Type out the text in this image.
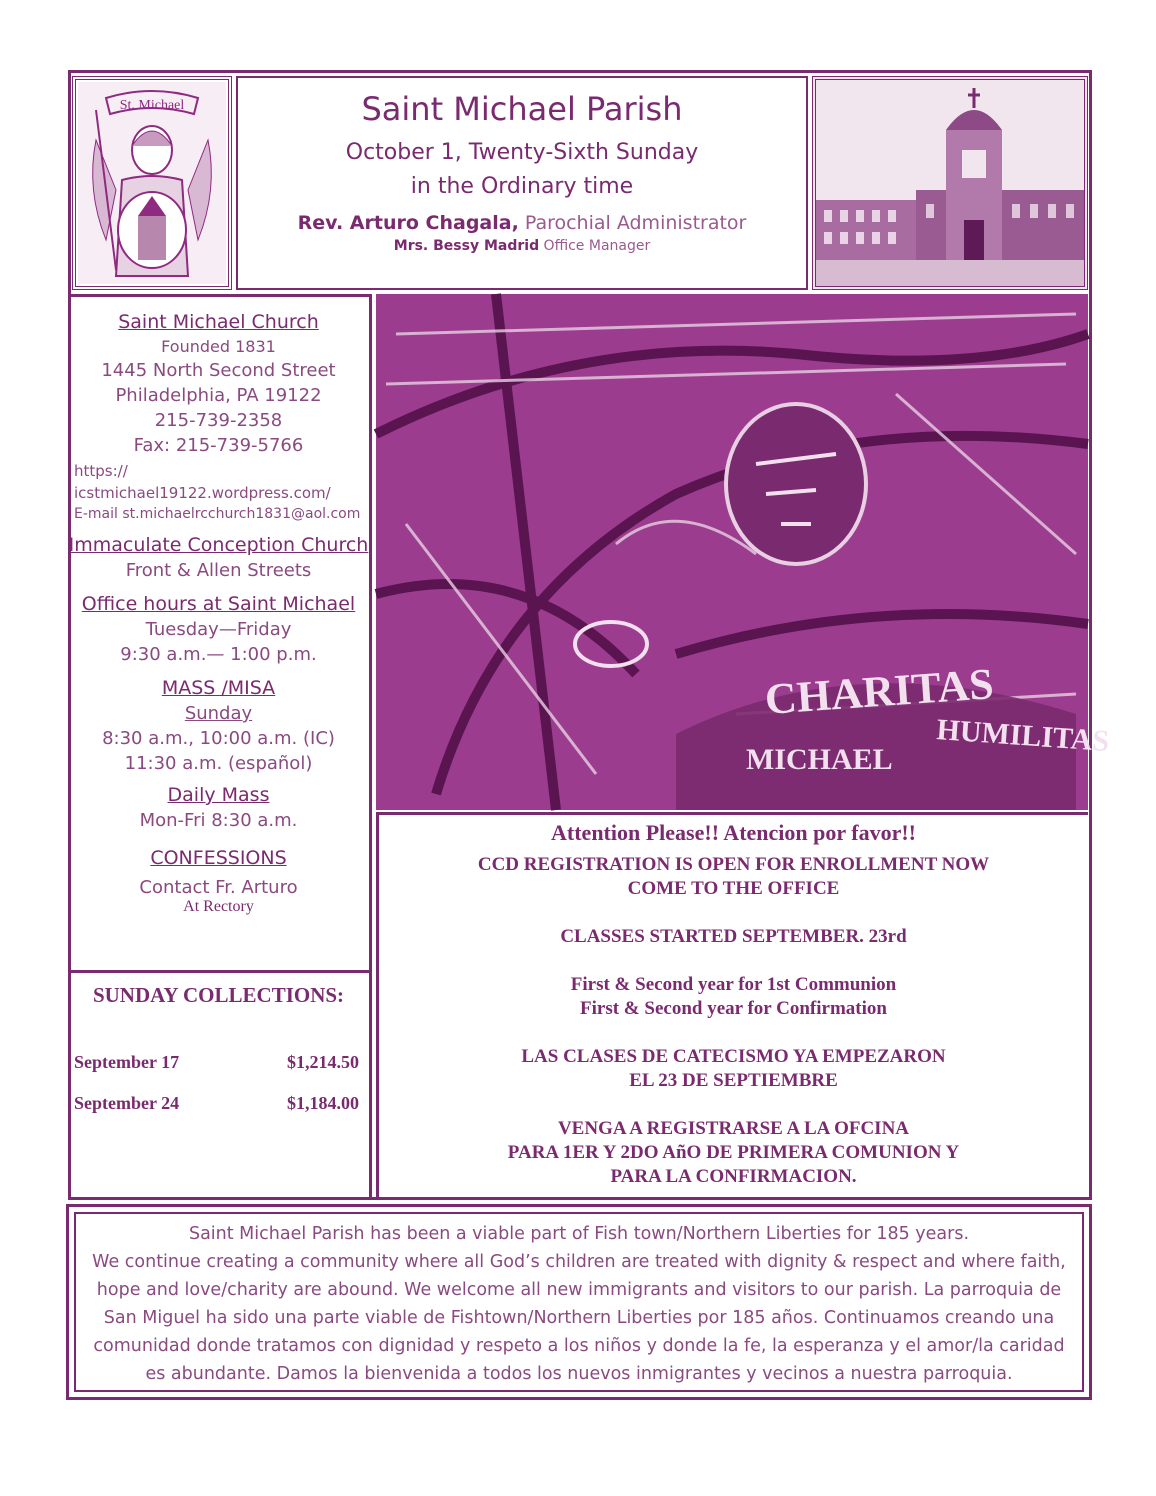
St. Michael	Saint Michael Parish
October 1, Twenty-Sixth Sunday
in the Ordinary time
Rev. Arturo Chagala, Parochial Administrator
Mrs. Bessy Madrid Office Manager
Saint Michael Church
Founded 1831
1445 North Second Street
Philadelphia, PA 19122
215-739-2358
Fax: 215-739-5766
https://
icstmichael19122.wordpress.com/
E-mail st.michaelrcchurch1831@aol.com
Immaculate Conception Church
Front & Allen Streets
Office hours at Saint Michael
Tuesday—Friday
9:30 a.m.— 1:00 p.m.
MASS /MISA
Sunday
8:30 a.m., 10:00 a.m. (IC)
11:30 a.m. (español)
Daily Mass
Mon-Fri 8:30 a.m.
CONFESSIONS
Contact Fr. Arturo
At Rectory
SUNDAY COLLECTIONS:
September 17	$1,214.50
September 24	$1,184.00
CHARITAS
HUMILITAS
MICHAEL
Attention Please!! Atencion por favor!!
CCD REGISTRATION IS OPEN FOR ENROLLMENT NOW
COME TO THE OFFICE
CLASSES STARTED SEPTEMBER. 23rd
First & Second year for 1st Communion
First & Second year for Confirmation
LAS CLASES DE CATECISMO YA EMPEZARON
EL 23 DE SEPTIEMBRE
VENGA A REGISTRARSE A LA OFCINA
PARA 1ER Y 2DO AñO DE PRIMERA COMUNION Y
PARA LA CONFIRMACION.
Saint Michael Parish has been a viable part of Fish town/Northern Liberties for 185 years.
We continue creating a community where all God’s children are treated with dignity & respect and where faith,
hope and love/charity are abound. We welcome all new immigrants and visitors to our parish. La parroquia de
San Miguel ha sido una parte viable de Fishtown/Northern Liberties por 185 años. Continuamos creando una
comunidad donde tratamos con dignidad y respeto a los niños y donde la fe, la esperanza y el amor/la caridad
es abundante. Damos la bienvenida a todos los nuevos inmigrantes y vecinos a nuestra parroquia.
